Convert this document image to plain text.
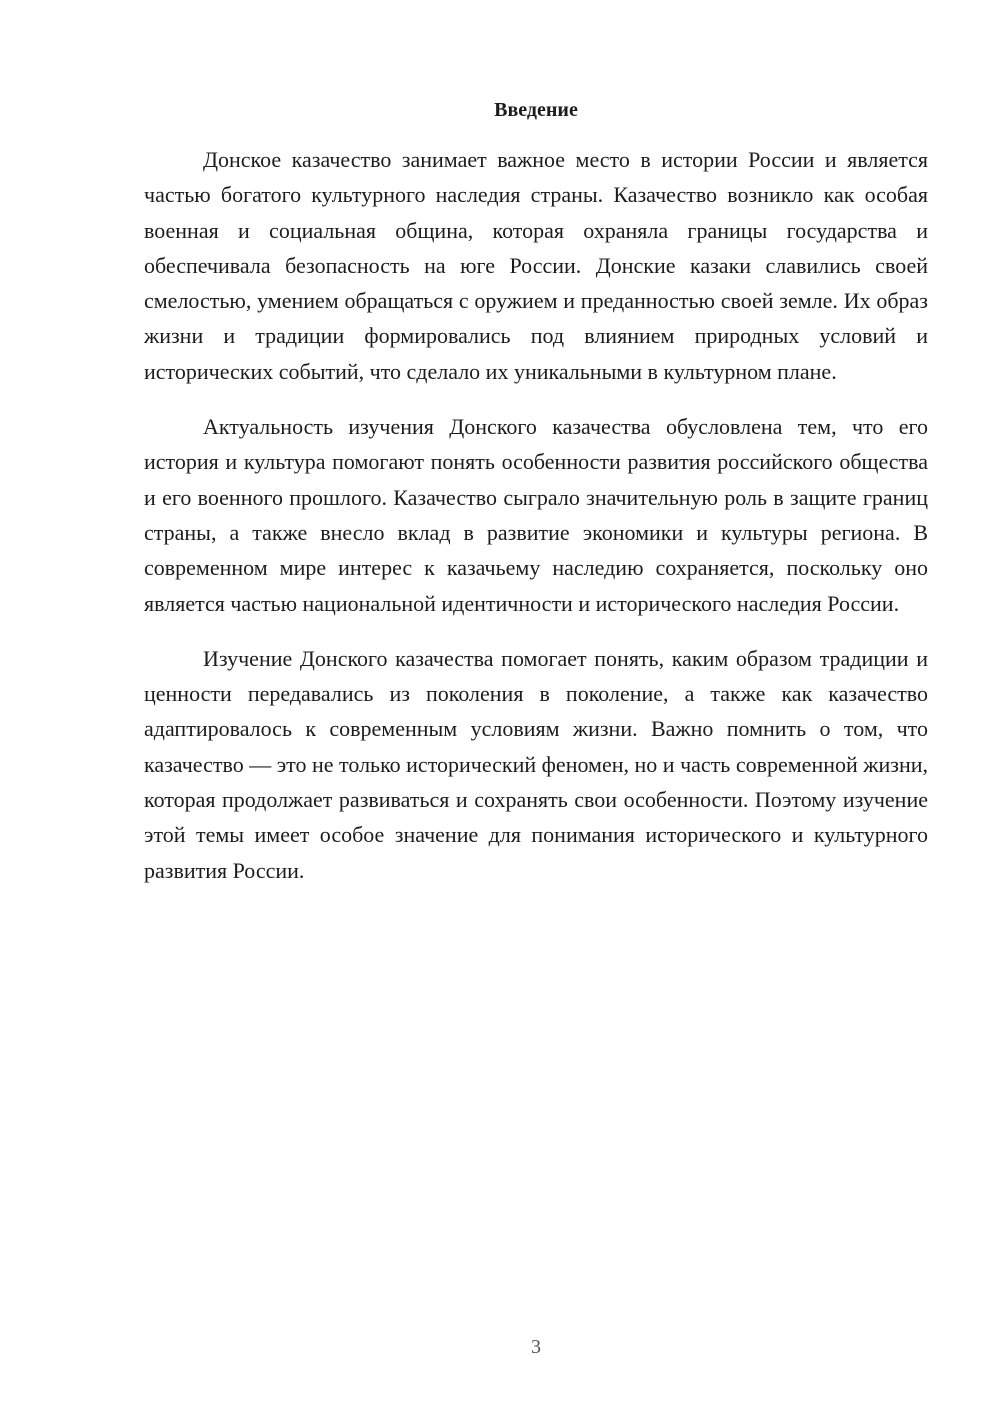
Введение

Донское казачество занимает важное место в истории России и является частью богатого культурного наследия страны. Казачество возникло как особая военная и социальная община, которая охраняла границы государства и обеспечивала безопасность на юге России. Донские казаки славились своей смелостью, умением обращаться с оружием и преданностью своей земле. Их образ жизни и традиции формировались под влиянием природных условий и исторических событий, что сделало их уникальными в культурном плане.

Актуальность изучения Донского казачества обусловлена тем, что его история и культура помогают понять особенности развития российского общества и его военного прошлого. Казачество сыграло значительную роль в защите границ страны, а также внесло вклад в развитие экономики и культуры региона. В современном мире интерес к казачьему наследию сохраняется, поскольку оно является частью национальной идентичности и исторического наследия России.

Изучение Донского казачества помогает понять, каким образом традиции и ценности передавались из поколения в поколение, а также как казачество адаптировалось к современным условиям жизни. Важно помнить о том, что казачество — это не только исторический феномен, но и часть современной жизни, которая продолжает развиваться и сохранять свои особенности. Поэтому изучение этой темы имеет особое значение для понимания исторического и культурного развития России.

3
